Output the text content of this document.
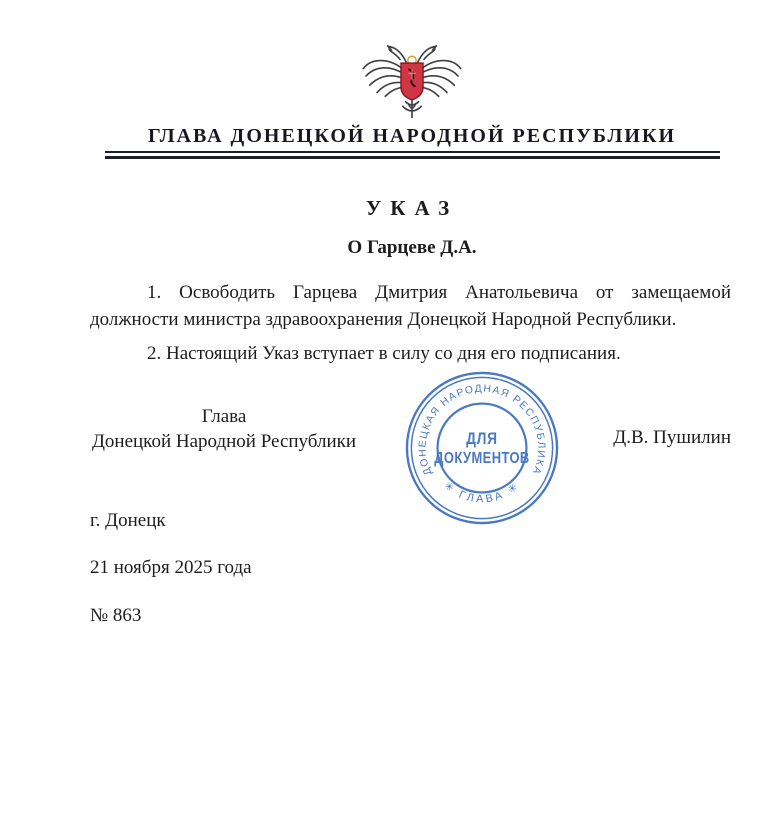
ГЛАВА ДОНЕЦКОЙ НАРОДНОЙ РЕСПУБЛИКИ
УКАЗ
О Гарцеве Д.А.
1. Освободить Гарцева Дмитрия Анатольевича от замещаемой должности министра здравоохранения Донецкой Народной Республики.
2. Настоящий Указ вступает в силу со дня его подписания.
Глава
Донецкой Народной Республики	Д.В. Пушилин
ДОНЕЦКАЯ НАРОДНАЯ РЕСПУБЛИКА
✳ ГЛАВА ✳
ДЛЯ
ДОКУМЕНТОВ
г. Донецк
21 ноября 2025 года
№ 863
